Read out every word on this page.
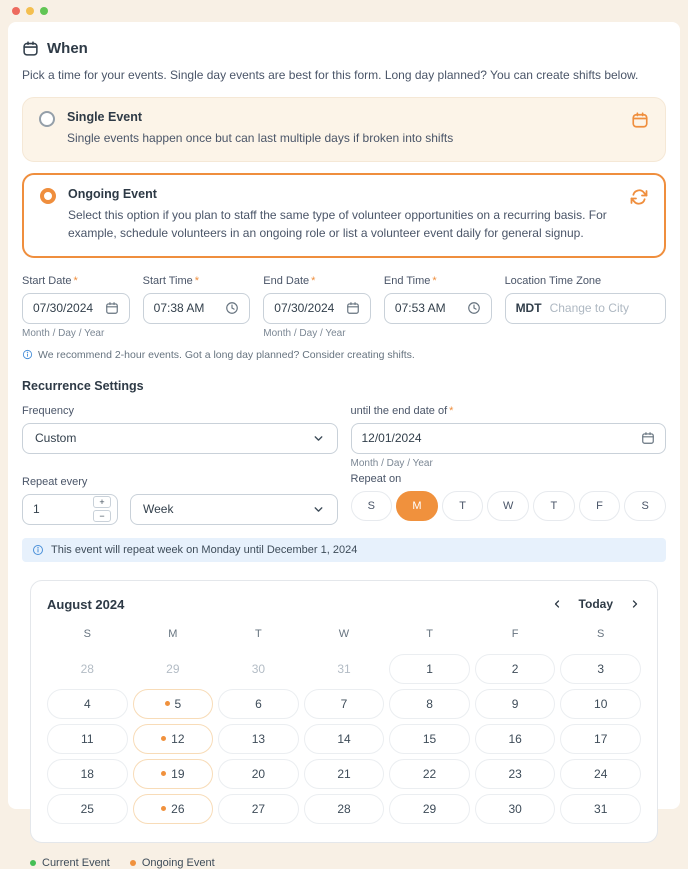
When
Pick a time for your events. Single day events are best for this form. Long day planned? You can create shifts below.
Single Event
Single events happen once but can last multiple days if broken into shifts
Ongoing Event
Select this option if you plan to staff the same type of volunteer opportunities on a recurring basis. For example, schedule volunteers in an ongoing role or list a volunteer event daily for general signup.
Start Date *
07/30/2024
Month / Day / Year
Start Time *
07:38 AM
End Date *
07/30/2024
Month / Day / Year
End Time *
07:53 AM
Location Time Zone
MDT Change to City
We recommend 2-hour events. Got a long day planned? Consider creating shifts.
Recurrence Settings
Frequency
Custom
Repeat every
1
+
−	Week
until the end date of *
12/01/2024
Month / Day / Year
Repeat on
S	M	T	W	T	F	S
This event will repeat week on Monday until December 1, 2024
August 2024	Today
S	M	T	W	T	F	S
28	29	30	31	1	2	3
4	5	6	7	8	9	10
11	12	13	14	15	16	17
18	19	20	21	22	23	24
25	26	27	28	29	30	31
Current Event	Ongoing Event
